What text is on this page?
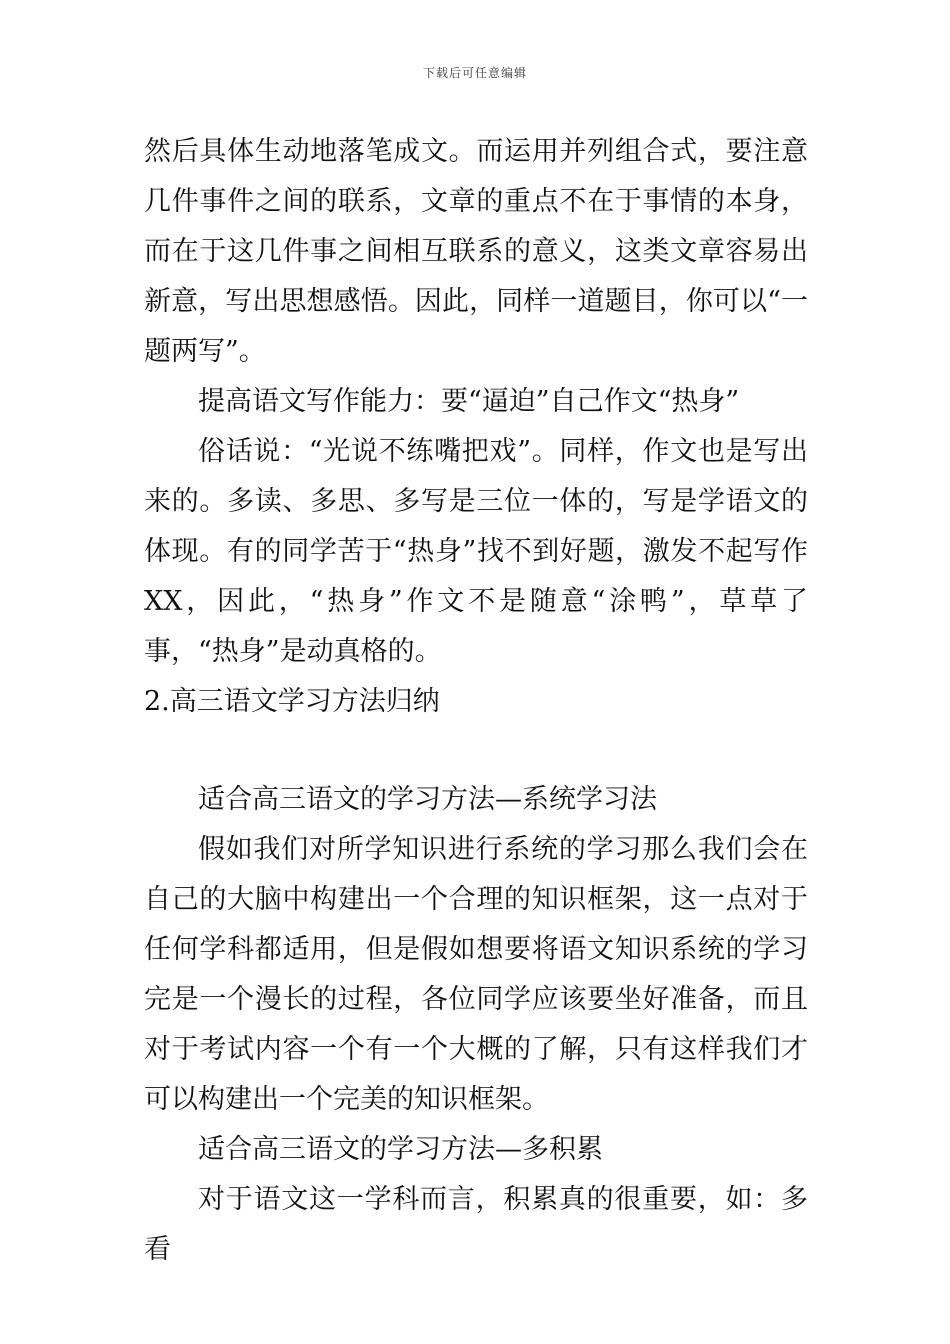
下载后可任意编辑

然后具体生动地落笔成文。而运用并列组合式，要注意几件事件之间的联系，文章的重点不在于事情的本身，而在于这几件事之间相互联系的意义，这类文章容易出新意，写出思想感悟。因此，同样一道题目，你可以“一题两写”。

提高语文写作能力：要“逼迫”自己作文“热身”

俗话说：“光说不练嘴把戏”。同样，作文也是写出来的。多读、多思、多写是三位一体的，写是学语文的体现。有的同学苦于“热身”找不到好题，激发不起写作XX，因此，“热身”作文不是随意“涂鸭”，草草了事，“热身”是动真格的。

2.高三语文学习方法归纳

适合高三语文的学习方法—系统学习法

假如我们对所学知识进行系统的学习那么我们会在自己的大脑中构建出一个合理的知识框架，这一点对于任何学科都适用，但是假如想要将语文知识系统的学习完是一个漫长的过程，各位同学应该要坐好准备，而且对于考试内容一个有一个大概的了解，只有这样我们才可以构建出一个完美的知识框架。

适合高三语文的学习方法—多积累

对于语文这一学科而言，积累真的很重要，如：多看
